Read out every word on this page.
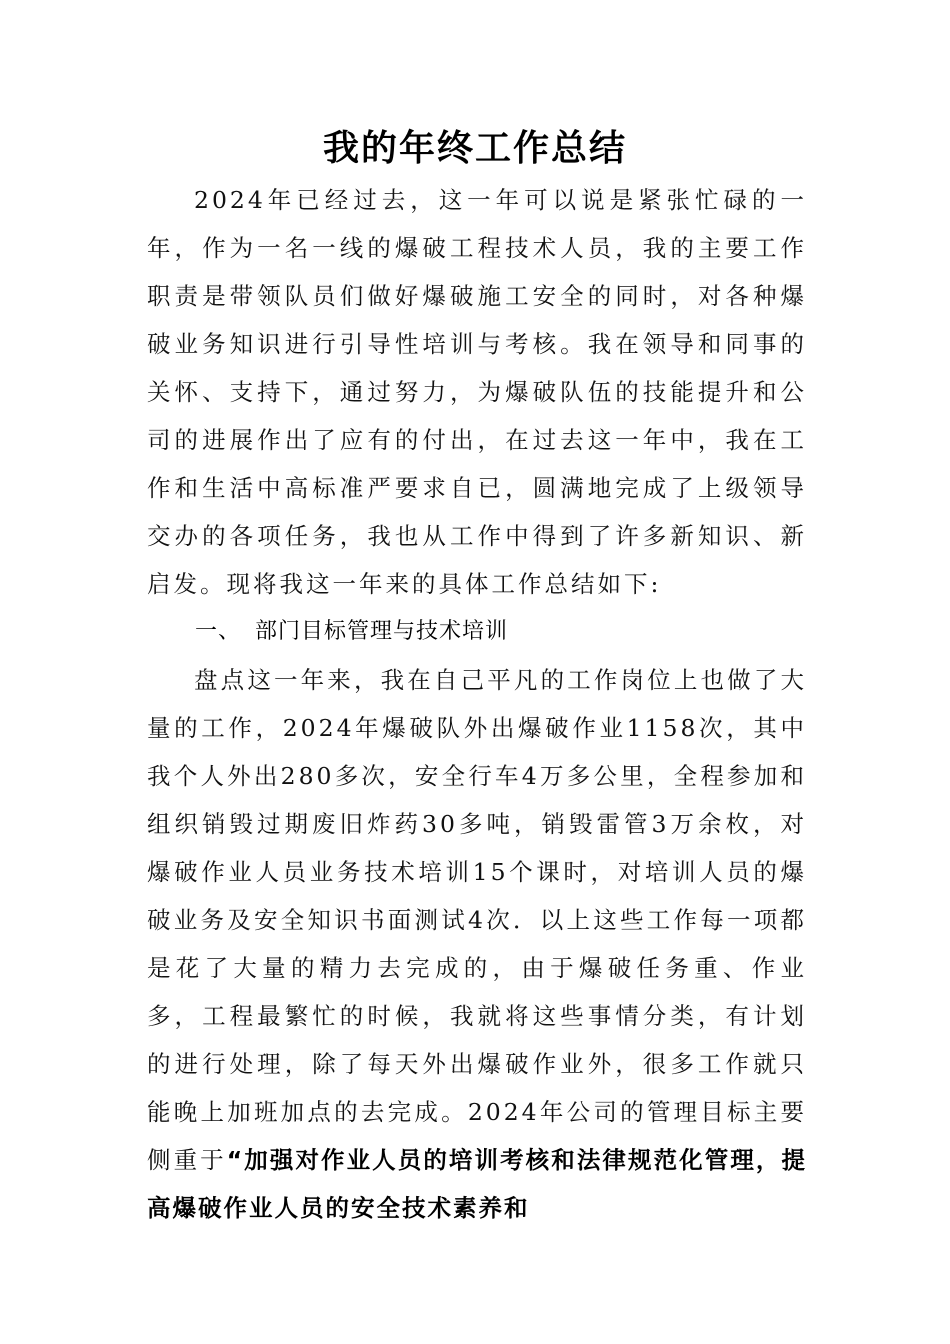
我的年终工作总结

2024年已经过去，这一年可以说是紧张忙碌的一年，作为一名一线的爆破工程技术人员，我的主要工作职责是带领队员们做好爆破施工安全的同时，对各种爆破业务知识进行引导性培训与考核。我在领导和同事的关怀、支持下，通过努力，为爆破队伍的技能提升和公司的进展作出了应有的付出，在过去这一年中，我在工作和生活中高标准严要求自已，圆满地完成了上级领导交办的各项任务，我也从工作中得到了许多新知识、新启发。现将我这一年来的具体工作总结如下:

一、 部门目标管理与技术培训

盘点这一年来，我在自己平凡的工作岗位上也做了大量的工作，2024年爆破队外出爆破作业1158次，其中我个人外出280多次，安全行车4万多公里，全程参加和组织销毁过期废旧炸药30多吨，销毁雷管3万余枚，对爆破作业人员业务技术培训15个课时，对培训人员的爆破业务及安全知识书面测试4次．以上这些工作每一项都是花了大量的精力去完成的，由于爆破任务重、作业多，工程最繁忙的时候，我就将这些事情分类，有计划的进行处理，除了每天外出爆破作业外，很多工作就只能晚上加班加点的去完成。2024年公司的管理目标主要侧重于“加强对作业人员的培训考核和法律规范化管理，提高爆破作业人员的安全技术素养和
